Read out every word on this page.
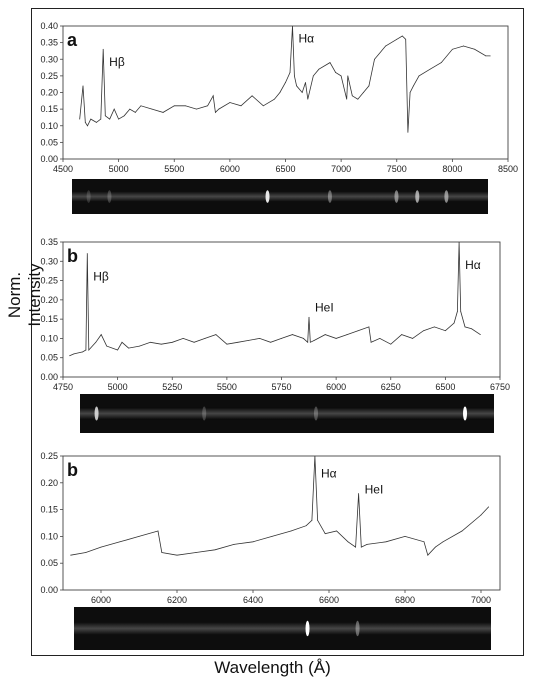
Norm. Intensity
Wavelength (Å)
0.00
0.05
0.10
0.15
0.20
0.25
0.30
0.35
0.40
4500	5000	5500	6000	6500	7000	7500	8000	8500
a
Hβ
Hα
0.00
0.05
0.10
0.15
0.20
0.25
0.30
0.35
4750	5000	5250	5500	5750	6000	6250	6500	6750
b
Hβ
HeI
Hα
0.00
0.05
0.10
0.15
0.20
0.25
6000	6200	6400	6600	6800	7000
b	Hα
HeI
